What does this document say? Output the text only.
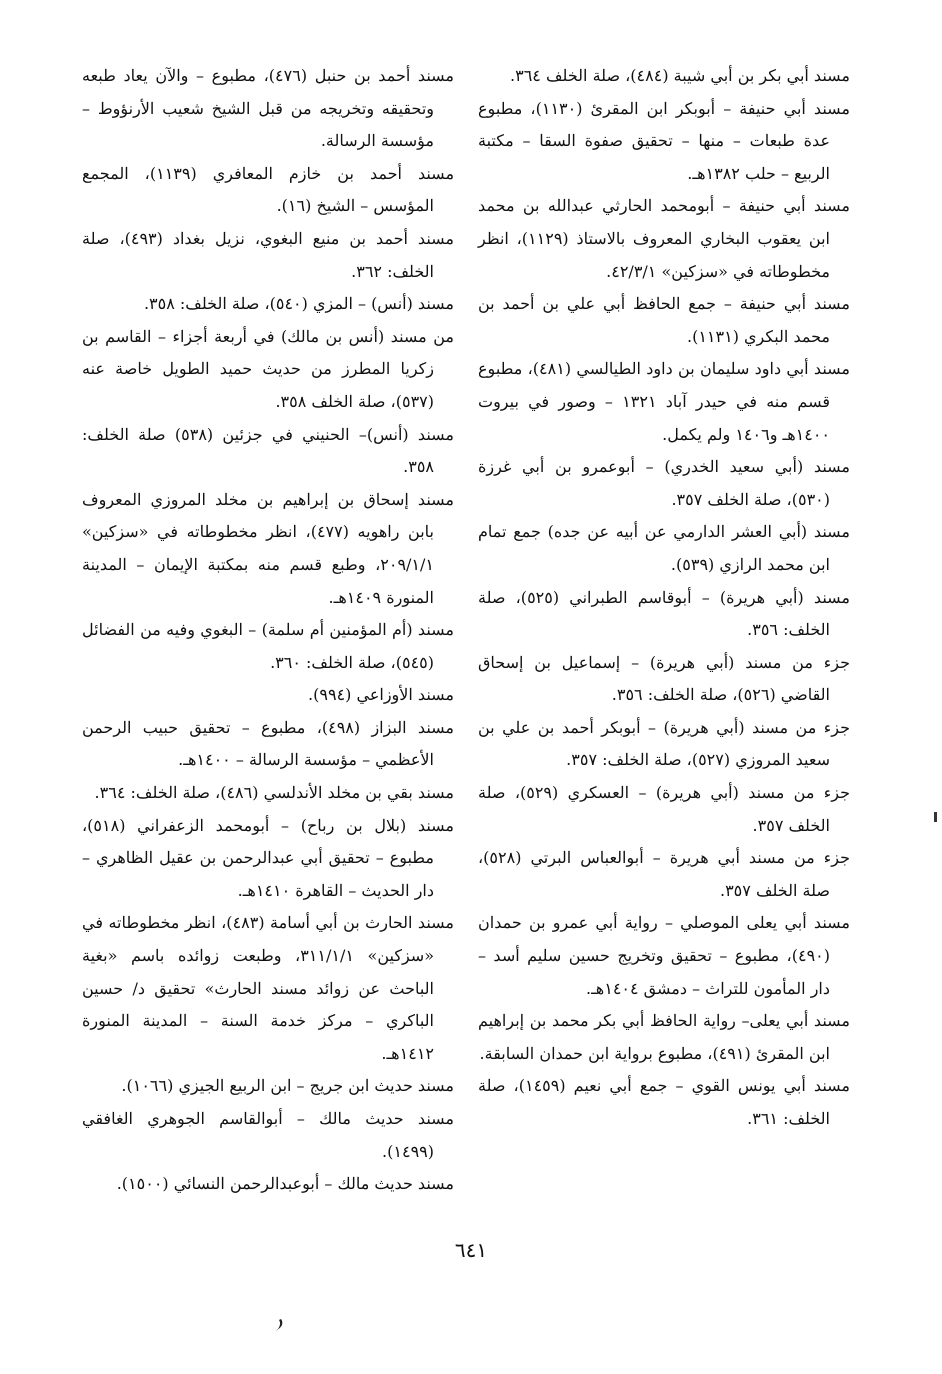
مسند أبي بكر بن أبي شيبة (٤٨٤)، صلة الخلف ٣٦٤.

مسند أبي حنيفة – أبوبكر ابن المقرئ (١١٣٠)، مطبوع عدة طبعات – منها – تحقيق صفوة السقا – مكتبة الربيع – حلب ١٣٨٢هـ.

مسند أبي حنيفة – أبومحمد الحارثي عبدالله بن محمد ابن يعقوب البخاري المعروف بالاستاذ (١١٢٩)، انظر مخطوطاته في «سزكين» ٤٢/٣/١.

مسند أبي حنيفة – جمع الحافظ أبي علي بن أحمد بن محمد البكري (١١٣١).

مسند أبي داود سليمان بن داود الطيالسي (٤٨١)، مطبوع قسم منه في حيدر آباد ١٣٢١ – وصور في بيروت ١٤٠٠هـ و١٤٠٦ ولم يكمل.

مسند (أبي سعيد الخدري) – أبوعمرو بن أبي غرزة (٥٣٠)، صلة الخلف ٣٥٧.

مسند (أبي العشر الدارمي عن أبيه عن جده) جمع تمام ابن محمد الرازي (٥٣٩).

مسند (أبي هريرة) – أبوقاسم الطبراني (٥٢٥)، صلة الخلف: ٣٥٦.

جزء من مسند (أبي هريرة) – إسماعيل بن إسحاق القاضي (٥٢٦)، صلة الخلف: ٣٥٦.

جزء من مسند (أبي هريرة) – أبوبكر أحمد بن علي بن سعيد المروزي (٥٢٧)، صلة الخلف: ٣٥٧.

جزء من مسند (أبي هريرة) – العسكري (٥٢٩)، صلة الخلف ٣٥٧.

جزء من مسند أبي هريرة – أبوالعباس البرتي (٥٢٨)، صلة الخلف ٣٥٧.

مسند أبي يعلى الموصلي – رواية أبي عمرو بن حمدان (٤٩٠)، مطبوع – تحقيق وتخريج حسين سليم أسد – دار المأمون للتراث – دمشق ١٤٠٤هـ.

مسند أبي يعلى– رواية الحافظ أبي بكر محمد بن إبراهيم ابن المقرئ (٤٩١)، مطبوع برواية ابن حمدان السابقة.

مسند أبي يونس القوي – جمع أبي نعيم (١٤٥٩)، صلة الخلف: ٣٦١.

مسند أحمد بن حنبل (٤٧٦)، مطبوع – والآن يعاد طبعه وتحقيقه وتخريجه من قبل الشيخ شعيب الأرنؤوط – مؤسسة الرسالة.

مسند أحمد بن خازم المعافري (١١٣٩)، المجمع المؤسس – الشيخ (١٦).

مسند أحمد بن منيع البغوي، نزيل بغداد (٤٩٣)، صلة الخلف: ٣٦٢.

مسند (أنس) – المزي (٥٤٠)، صلة الخلف: ٣٥٨.

من مسند (أنس بن مالك) في أربعة أجزاء – القاسم بن زكريا المطرز من حديث حميد الطويل خاصة عنه (٥٣٧)، صلة الخلف ٣٥٨.

مسند (أنس)– الحنيني في جزئين (٥٣٨) صلة الخلف: ٣٥٨.

مسند إسحاق بن إبراهيم بن مخلد المروزي المعروف بابن راهويه (٤٧٧)، انظر مخطوطاته في «سزكين» ٢٠٩/١/١، وطبع قسم منه بمكتبة الإيمان – المدينة المنورة ١٤٠٩هـ.

مسند (أم المؤمنين أم سلمة) – البغوي وفيه من الفضائل (٥٤٥)، صلة الخلف: ٣٦٠.

مسند الأوزاعي (٩٩٤).

مسند البزاز (٤٩٨)، مطبوع – تحقيق حبيب الرحمن الأعظمي – مؤسسة الرسالة – ١٤٠٠هـ.

مسند بقي بن مخلد الأندلسي (٤٨٦)، صلة الخلف: ٣٦٤.

مسند (بلال بن رباح) – أبومحمد الزعفراني (٥١٨)، مطبوع – تحقيق أبي عبدالرحمن بن عقيل الظاهري – دار الحديث – القاهرة ١٤١٠هـ.

مسند الحارث بن أبي أسامة (٤٨٣)، انظر مخطوطاته في «سزكين» ٣١١/١/١، وطبعت زوائده باسم «بغية الباحث عن زوائد مسند الحارث» تحقيق د/ حسين الباكري – مركز خدمة السنة – المدينة المنورة ١٤١٢هـ.

مسند حديث ابن جريج – ابن الربيع الجيزي (١٠٦٦).

مسند حديث مالك – أبوالقاسم الجوهري الغافقي (١٤٩٩).

مسند حديث مالك – أبوعبدالرحمن النسائي (١٥٠٠).

٦٤١
